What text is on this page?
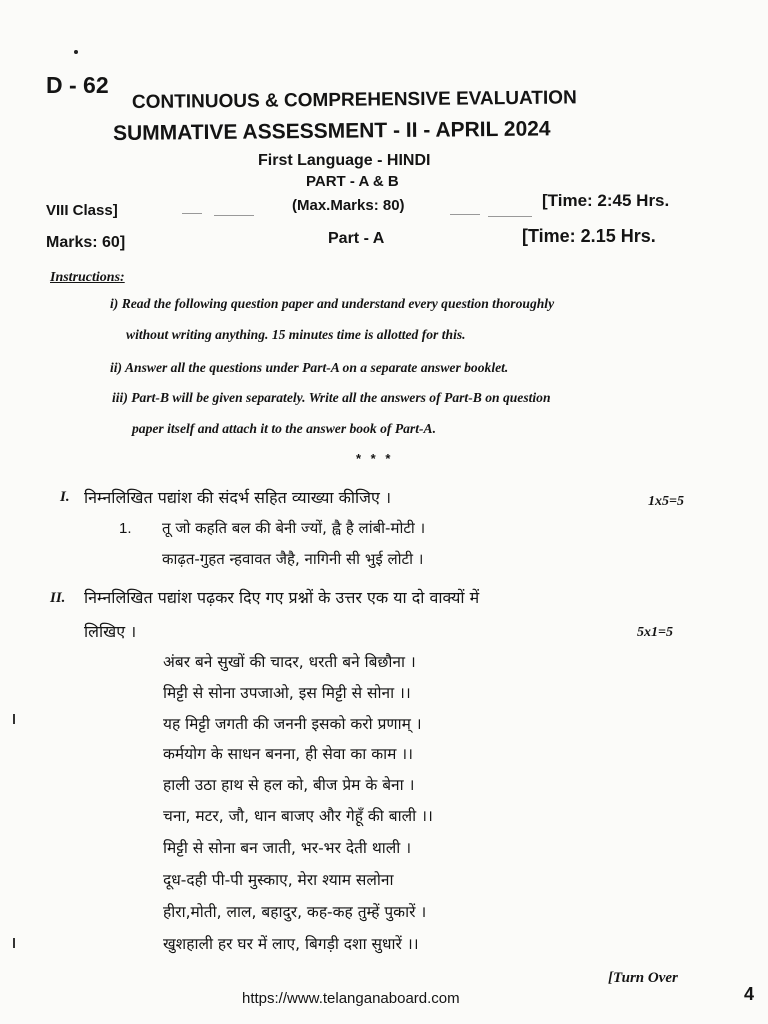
D - 62
CONTINUOUS & COMPREHENSIVE EVALUATION
SUMMATIVE ASSESSMENT - II - APRIL 2024
First Language - HINDI
PART - A & B
VIII Class]	(Max.Marks: 80)	[Time: 2:45 Hrs.
Marks: 60]	Part - A	[Time: 2.15 Hrs.
Instructions:
i) Read the following question paper and understand every question thoroughly
without writing anything. 15 minutes time is allotted for this.
ii) Answer all the questions under Part-A on a separate answer booklet.
iii) Part-B will be given separately. Write all the answers of Part-B on question
paper itself and attach it to the answer book of Part-A.
* * *
I. निम्नलिखित पद्यांश की संदर्भ सहित व्याख्या कीजिए ।	1x5=5
1. तू जो कहति बल की बेनी ज्यों, ह्वै है लांबी-मोटी ।
काढ़त-गुहत न्हवावत जैहै, नागिनी सी भुई लोटी ।
II. निम्नलिखित पद्यांश पढ़कर दिए गए प्रश्नों के उत्तर एक या दो वाक्यों में
लिखिए ।	5x1=5
अंबर बने सुखों की चादर, धरती बने बिछौना ।
मिट्टी से सोना उपजाओ, इस मिट्टी से सोना ।।
यह मिट्टी जगती की जननी इसको करो प्रणाम् ।
कर्मयोग के साधन बनना, ही सेवा का काम ।।
हाली उठा हाथ से हल को, बीज प्रेम के बेना ।
चना, मटर, जौ, धान बाजए और गेहूँ की बाली ।।
मिट्टी से सोना बन जाती, भर-भर देती थाली ।
दूध-दही पी-पी मुस्काए, मेरा श्याम सलोना
हीरा,मोती, लाल, बहादुर, कह-कह तुम्हें पुकारें ।
खुशहाली हर घर में लाए, बिगड़ी दशा सुधारें ।।
[Turn Over
https://www.telanganaboard.com	4
